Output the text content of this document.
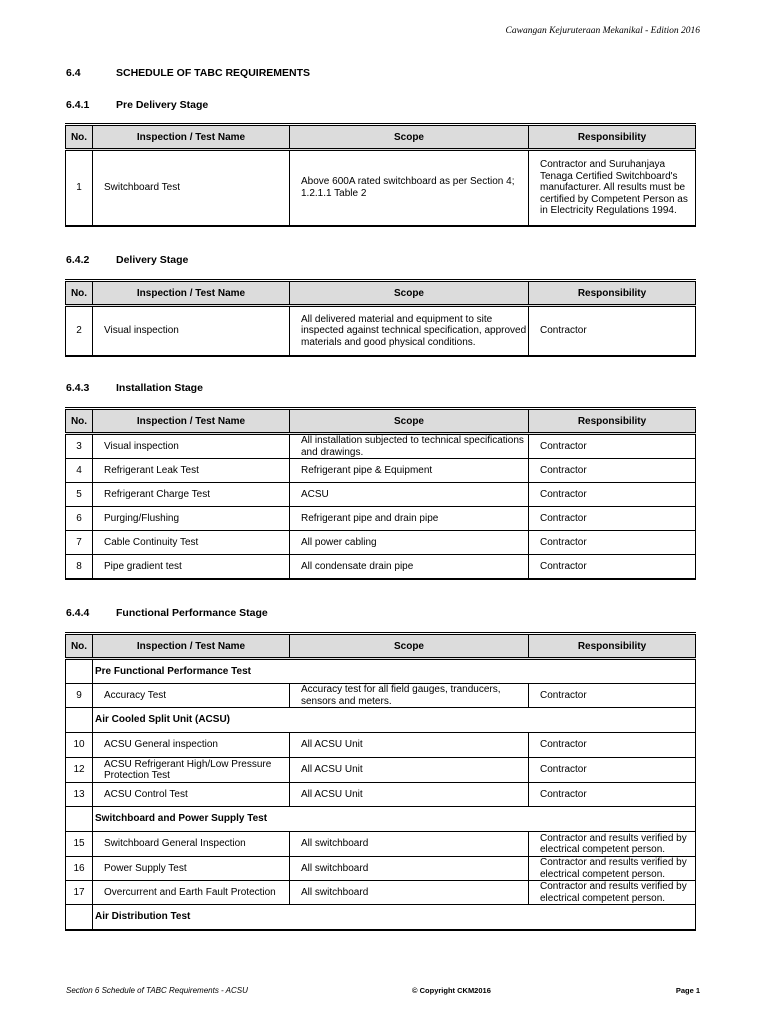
Cawangan Kejuruteraan Mekanikal - Edition 2016
6.4	SCHEDULE OF TABC REQUIREMENTS
6.4.1	Pre Delivery Stage
No.	Inspection / Test Name	Scope	Responsibility
1	Switchboard Test	Above 600A rated switchboard as per Section 4; 1.2.1.1 Table 2	Contractor and Suruhanjaya Tenaga Certified Switchboard's manufacturer. All results must be certified by Competent Person as in Electricity Regulations 1994.
6.4.2	Delivery Stage
No.	Inspection / Test Name	Scope	Responsibility
2	Visual inspection	All delivered material and equipment to site inspected against technical specification, approved materials and good physical conditions.	Contractor
6.4.3	Installation Stage
No.	Inspection / Test Name	Scope	Responsibility
3	Visual inspection	All installation subjected to technical specifications and drawings.	Contractor
4	Refrigerant Leak Test	Refrigerant pipe & Equipment	Contractor
5	Refrigerant Charge Test	ACSU	Contractor
6	Purging/Flushing	Refrigerant pipe and drain pipe	Contractor
7	Cable Continuity Test	All power cabling	Contractor
8	Pipe gradient test	All condensate drain pipe	Contractor
6.4.4	Functional Performance Stage
No.	Inspection / Test Name	Scope	Responsibility
	Pre Functional Performance Test		
9	Accuracy Test	Accuracy test for all field gauges, tranducers, sensors and meters.	Contractor
	Air Cooled Split Unit (ACSU)		
10	ACSU General inspection	All ACSU Unit	Contractor
12	ACSU Refrigerant High/Low Pressure Protection Test	All ACSU Unit	Contractor
13	ACSU Control Test	All ACSU Unit	Contractor
	Switchboard and Power Supply Test		
15	Switchboard General Inspection	All switchboard	Contractor and results verified by electrical competent person.
16	Power Supply Test	All switchboard	Contractor and results verified by electrical competent person.
17	Overcurrent and Earth Fault Protection	All switchboard	Contractor and results verified by electrical competent person.
	Air Distribution Test		
Section 6 Schedule of TABC Requirements - ACSU	© Copyright CKM2016	Page 1
